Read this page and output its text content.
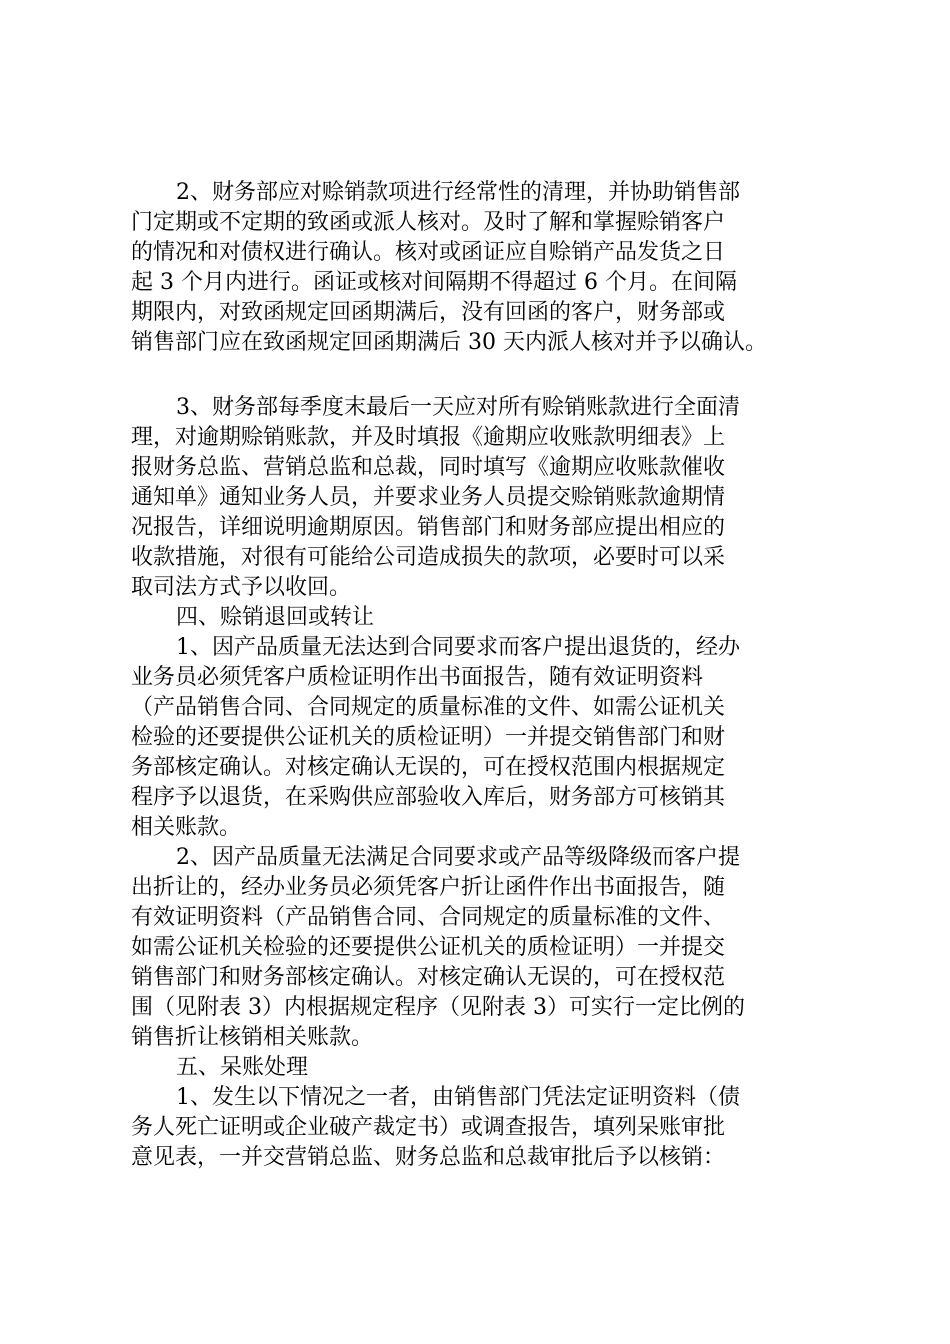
2、财务部应对赊销款项进行经常性的清理，并协助销售部

门定期或不定期的致函或派人核对。及时了解和掌握赊销客户

的情况和对债权进行确认。核对或函证应自赊销产品发货之日

起 3 个月内进行。函证或核对间隔期不得超过 6 个月。在间隔

期限内，对致函规定回函期满后，没有回函的客户，财务部或

销售部门应在致函规定回函期满后 30 天内派人核对并予以确认。

3、财务部每季度末最后一天应对所有赊销账款进行全面清

理，对逾期赊销账款，并及时填报《逾期应收账款明细表》上

报财务总监、营销总监和总裁，同时填写《逾期应收账款催收

通知单》通知业务人员，并要求业务人员提交赊销账款逾期情

况报告，详细说明逾期原因。销售部门和财务部应提出相应的

收款措施，对很有可能给公司造成损失的款项，必要时可以采

取司法方式予以收回。

四、赊销退回或转让

1、因产品质量无法达到合同要求而客户提出退货的，经办

业务员必须凭客户质检证明作出书面报告，随有效证明资料

（产品销售合同、合同规定的质量标准的文件、如需公证机关

检验的还要提供公证机关的质检证明）一并提交销售部门和财

务部核定确认。对核定确认无误的，可在授权范围内根据规定

程序予以退货，在采购供应部验收入库后，财务部方可核销其

相关账款。

2、因产品质量无法满足合同要求或产品等级降级而客户提

出折让的，经办业务员必须凭客户折让函件作出书面报告，随

有效证明资料（产品销售合同、合同规定的质量标准的文件、

如需公证机关检验的还要提供公证机关的质检证明）一并提交

销售部门和财务部核定确认。对核定确认无误的，可在授权范

围（见附表 3）内根据规定程序（见附表 3）可实行一定比例的

销售折让核销相关账款。

五、呆账处理

1、发生以下情况之一者，由销售部门凭法定证明资料（债

务人死亡证明或企业破产裁定书）或调查报告，填列呆账审批

意见表，一并交营销总监、财务总监和总裁审批后予以核销：
